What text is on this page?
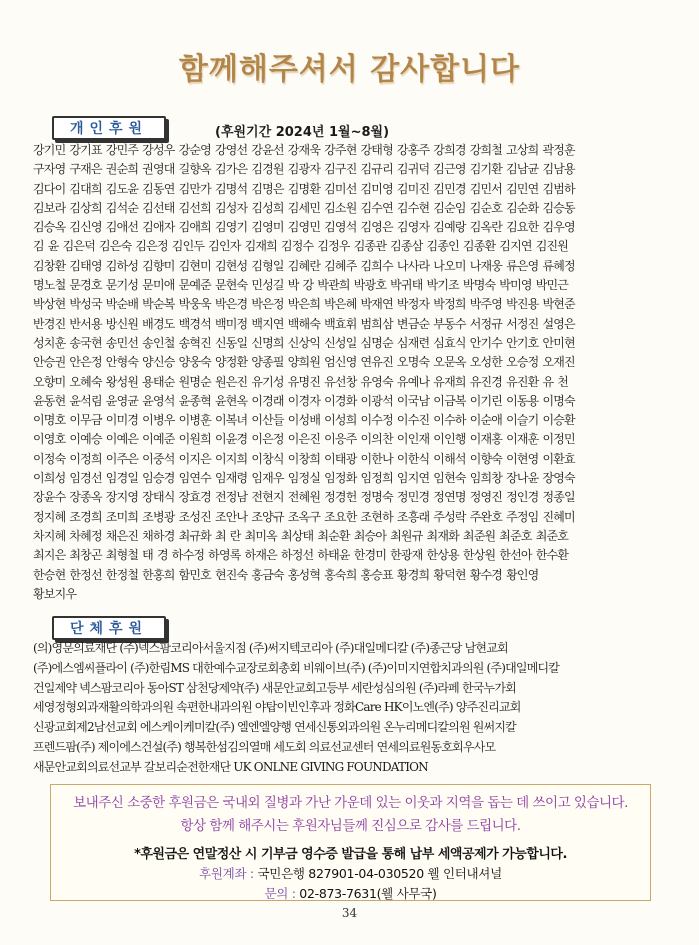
함께해주셔서 감사합니다
개인후원	(후원기간 2024년 1월~8월)
강기민 강기표 강민주 강성우 강순영 강영선 강윤선 강재욱 강주현 강태형 강홍주 강희경 강희철 고상희 곽정훈
구자영 구재은 권순희 권영대 길향옥 김가은 김경원 김광자 김구진 김규리 김귀덕 김근영 김기환 김남균 김남용
김다이 김대희 김도윤 김동연 김만가 김명석 김명은 김명환 김미선 김미영 김미진 김민경 김민서 김민연 김범하
김보라 김상희 김석순 김선태 김선희 김성자 김성희 김세민 김소원 김수연 김수현 김순임 김순호 김순화 김승동
김승옥 김신영 김애선 김애자 김애희 김영기 김영미 김영민 김영석 김영은 김영자 김예랑 김옥란 김요한 김우영
김 윤 김은덕 김은숙 김은정 김인두 김인자 김재희 김정수 김정우 김종관 김종삼 김종인 김종환 김지연 김진원
김창환 김태영 김하성 김향미 김현미 김현성 김형일 김혜란 김혜주 김희수 나사라 나오미 나재웅 류은영 류혜정
명노철 문경호 문기성 문미애 문예준 문현숙 민성길 박 강 박관희 박광호 박귀태 박기조 박명숙 박미영 박민근
박상현 박성국 박순배 박순복 박웅욱 박은경 박은정 박은희 박은혜 박재연 박정자 박정희 박주영 박진용 박현준
반경진 반서용 방신원 배경도 백경석 백미정 백지연 백해숙 백효휘 범희삼 변금순 부동수 서정규 서정진 설영은
성치훈 송국현 송민선 송인철 송혁진 신동일 신명희 신상익 신성일 심명순 심재련 심효식 안기수 안기호 안미현
안승권 안은정 안형숙 양신승 양웅숙 양정환 양종필 양희원 엄신영 연유진 오명숙 오문옥 오성한 오승정 오재진
오향미 오혜숙 왕성원 용태순 원명순 원은진 유기성 유명진 유선창 유영숙 유예나 유재희 유진경 유진환 유 천
윤동현 윤석림 윤영균 윤영석 윤종혁 윤현옥 이경래 이경자 이경화 이광석 이국남 이금복 이기린 이동용 이명숙
이명호 이무금 이미경 이병우 이병훈 이복녀 이산들 이성배 이성희 이수정 이수진 이수하 이순애 이슬기 이승환
이영호 이예승 이예은 이예준 이원희 이윤경 이은정 이은진 이응주 이의찬 이인재 이인행 이재홍 이재훈 이정민
이정숙 이정희 이주은 이중석 이지은 이지희 이창식 이창희 이태광 이한나 이한식 이해석 이향숙 이현영 이환효
이희성 임경선 임경일 임승경 임연수 임재령 임재우 임정실 임정화 임정희 임지연 임현숙 임희창 장나윤 장영숙
장윤수 장종옥 장지영 장태식 장효경 전정남 전현지 전혜원 정경헌 정명숙 정민경 정연명 정영진 정인경 정종일
정지혜 조경희 조미희 조병광 조성진 조안나 조양규 조옥구 조요한 조현하 조흥래 주성락 주완호 주정임 진혜미
차지혜 차혜정 채은진 채하경 최규화 최 란 최미옥 최상태 최순환 최승아 최원규 최재화 최준원 최준호 최준호
최지은 최창곤 최형철 태 경 하수정 하영록 하재은 하정선 하태윤 한경미 한광재 한상용 한상원 한선아 한수환
한승현 한정선 한정철 한홍희 함민호 현진숙 홍금숙 홍성혁 홍숙희 홍승표 황경희 황덕현 황수경 황인영
황보지우
단체후원
(의)영문의료재단 (주)넥스팜코리아서울지점 (주)써지텍코리아 (주)대일메디칼 (주)종근당 남현교회
(주)에스엠씨플라이 (주)한림MS 대한예수교장로회총회 비웨이브(주) (주)이미지연합치과의원 (주)대일메디칼
건일제약 넥스팜코리아 동아ST 삼천당제약(주) 새문안교회고등부 세란성심의원 (주)라페 한국누가회
세영정형외과재활의학과의원 속편한내과의원 야탑이빈인후과 정화Care HK이노엔(주) 양주진리교회
신광교회제2남선교회 에스케이케미칼(주) 엘엔엘양행 연세신통외과의원 온누리메디칼의원 원써지칼
프렌드팜(주) 제이에스건설(주) 행복한섬김의열매 세도회 의료선교센터 연세의료원동호회우사모
새문안교회의료선교부 갈보리순전한재단 UK ONLNE GIVING FOUNDATION
보내주신 소중한 후원금은 국내외 질병과 가난 가운데 있는 이웃과 지역을 돕는 데 쓰이고 있습니다. 항상 함께 해주시는 후원자님들께 진심으로 감사를 드립니다.
*후원금은 연말정산 시 기부금 영수증 발급을 통해 납부 세액공제가 가능합니다.
후원계좌 : 국민은행 827901-04-030520 웰 인터내셔널
문의 : 02-873-7631(웰 사무국)
34
